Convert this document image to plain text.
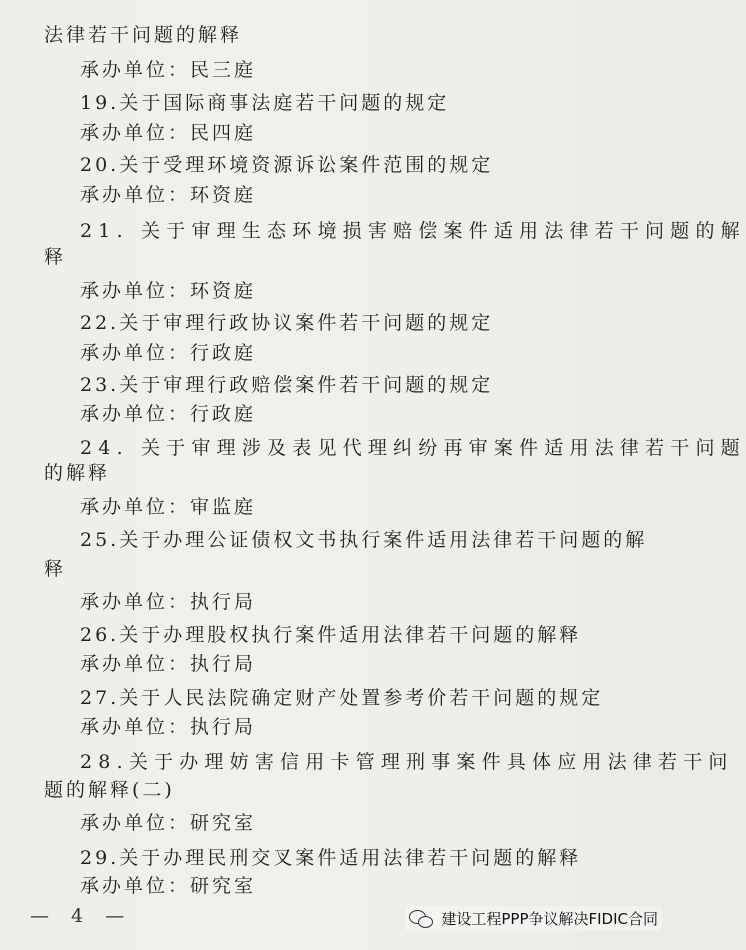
法律若干问题的解释
承办单位：民三庭
19.关于国际商事法庭若干问题的规定
承办单位：民四庭
20.关于受理环境资源诉讼案件范围的规定
承办单位：环资庭
21. 关于审理生态环境损害赔偿案件适用法律若干问题的解
释
承办单位：环资庭
22.关于审理行政协议案件若干问题的规定
承办单位：行政庭
23.关于审理行政赔偿案件若干问题的规定
承办单位：行政庭
24. 关于审理涉及表见代理纠纷再审案件适用法律若干问题
的解释
承办单位：审监庭
25.关于办理公证债权文书执行案件适用法律若干问题的解
释
承办单位：执行局
26.关于办理股权执行案件适用法律若干问题的解释
承办单位：执行局
27.关于人民法院确定财产处置参考价若干问题的规定
承办单位：执行局
28.关于办理妨害信用卡管理刑事案件具体应用法律若干问
题的解释(二)
承办单位：研究室
29.关于办理民刑交叉案件适用法律若干问题的解释
承办单位：研究室
— 4 —	建设工程PPP争议解决FIDIC合同
